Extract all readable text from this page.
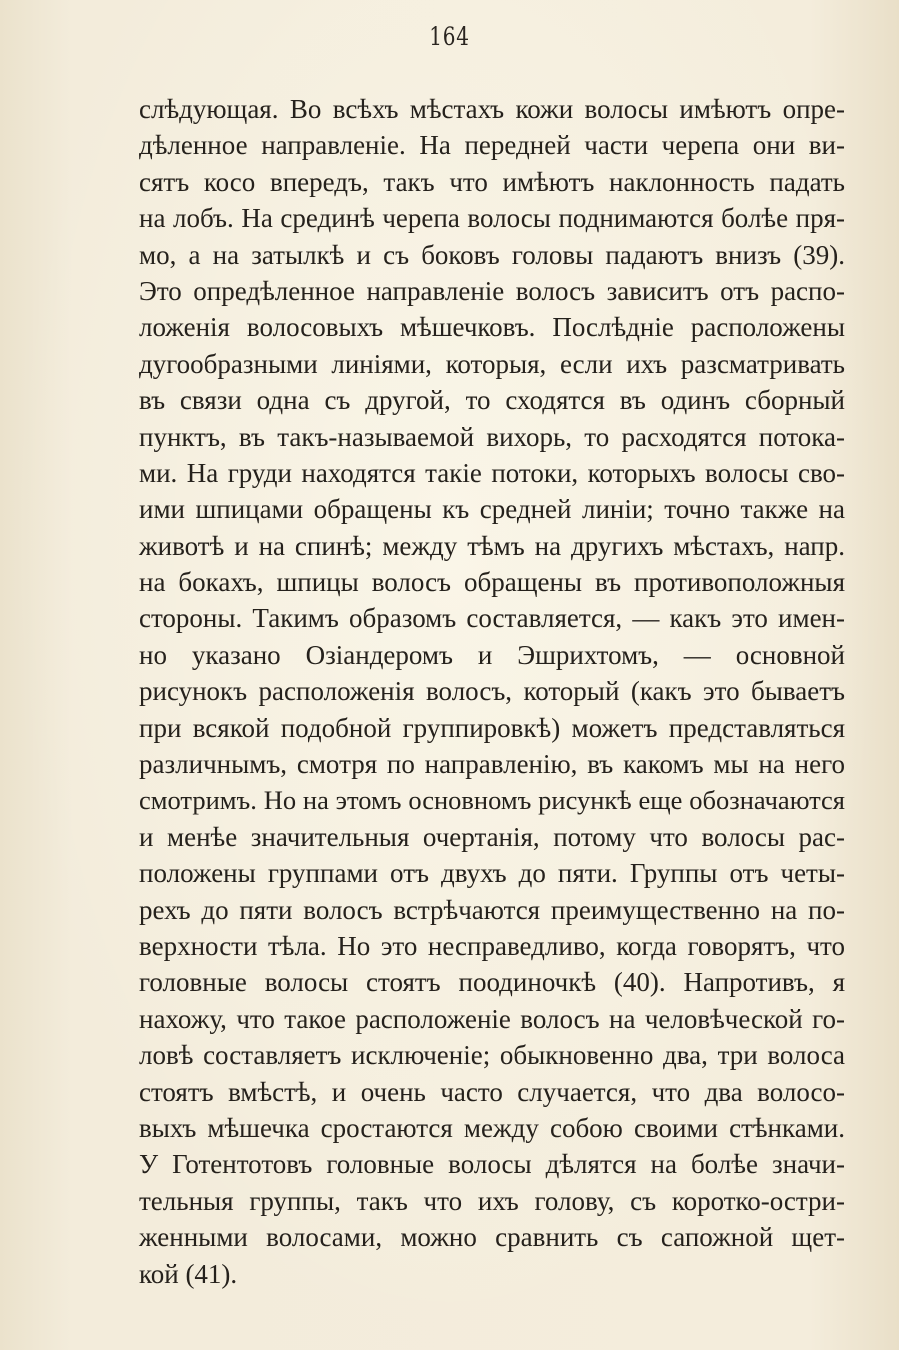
164
слѣдующая. Во всѣхъ мѣстахъ кожи волосы имѣютъ опре-
дѣленное направленіе. На передней части черепа они ви-
сятъ косо впередъ, такъ что имѣютъ наклонность падать
на лобъ. На срединѣ черепа волосы поднимаются болѣе пря-
мо, а на затылкѣ и съ боковъ головы падаютъ внизъ (39).
Это опредѣленное направленіе волосъ зависитъ отъ распо-
ложенія волосовыхъ мѣшечковъ. Послѣдніе расположены
дугообразными линіями, которыя, если ихъ разсматривать
въ связи одна съ другой, то сходятся въ одинъ сборный
пунктъ, въ такъ-называемой вихорь, то расходятся потока-
ми. На груди находятся такіе потоки, которыхъ волосы сво-
ими шпицами обращены къ средней линіи; точно также на
животѣ и на спинѣ; между тѣмъ на другихъ мѣстахъ, напр.
на бокахъ, шпицы волосъ обращены въ противоположныя
стороны. Такимъ образомъ составляется, — какъ это имен-
но указано Озіандеромъ и Эшрихтомъ, — основной
рисунокъ расположенія волосъ, который (какъ это бываетъ
при всякой подобной группировкѣ) можетъ представляться
различнымъ, смотря по направленію, въ какомъ мы на него
смотримъ. Но на этомъ основномъ рисункѣ еще обозначаются
и менѣе значительныя очертанія, потому что волосы рас-
положены группами отъ двухъ до пяти. Группы отъ четы-
рехъ до пяти волосъ встрѣчаются преимущественно на по-
верхности тѣла. Но это несправедливо, когда говорятъ, что
головные волосы стоятъ поодиночкѣ (40). Напротивъ, я
нахожу, что такое расположеніе волосъ на человѣческой го-
ловѣ составляетъ исключеніе; обыкновенно два, три волоса
стоятъ вмѣстѣ, и очень часто случается, что два волосо-
выхъ мѣшечка сростаются между собою своими стѣнками.
У Готентотовъ головные волосы дѣлятся на болѣе значи-
тельныя группы, такъ что ихъ голову, съ коротко-остри-
женными волосами, можно сравнить съ сапожной щет-
кой (41).
